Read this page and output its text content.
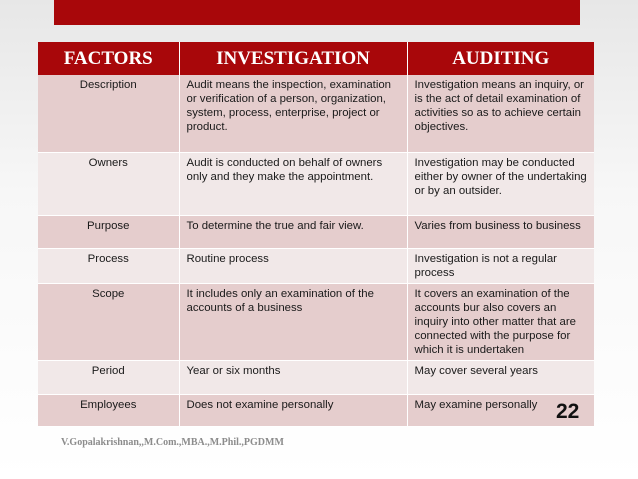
FACTORS	INVESTIGATION	AUDITING
Description	Audit means the inspection, examination or verification of a person, organization, system, process, enterprise, project or product.	Investigation means an inquiry, or is the act of detail examination of activities so as to achieve certain objectives.
Owners	Audit is conducted on behalf of owners only and they make the appointment.	Investigation may be conducted either by owner of the undertaking or by an outsider.
Purpose	To determine the true and fair view.	Varies from business to business
Process	Routine process	Investigation is not a regular process
Scope	It includes only an examination of the accounts of a business	It covers an examination of the accounts bur also covers an inquiry into other matter that are connected with the purpose for which it is undertaken
Period	Year or six months	May cover several years
Employees	Does not examine personally	May examine personally 22
V.Gopalakrishnan,,M.Com.,MBA.,M.Phil.,PGDMM
